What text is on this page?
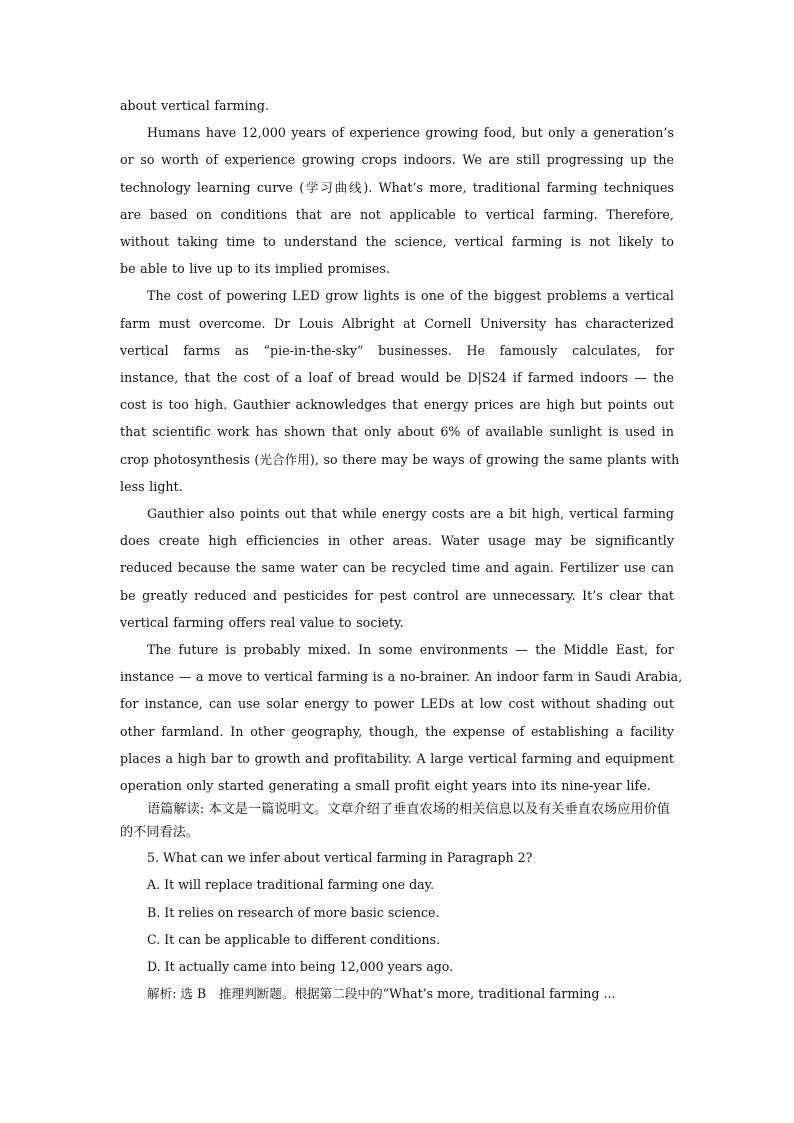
about vertical farming.

Humans have 12,000 years of experience growing food, but only a generation’s
or so worth of experience growing crops indoors. We are still progressing up the
technology learning curve (学习曲线). What’s more, traditional farming techniques
are based on conditions that are not applicable to vertical farming. Therefore,
without taking time to understand the science, vertical farming is not likely to
be able to live up to its implied promises.

The cost of powering LED grow lights is one of the biggest problems a vertical
farm must overcome. Dr Louis Albright at Cornell University has characterized
vertical farms as “pie-in-the-sky” businesses. He famously calculates, for
instance, that the cost of a loaf of bread would be D|S24 if farmed indoors — the
cost is too high. Gauthier acknowledges that energy prices are high but points out
that scientific work has shown that only about 6% of available sunlight is used in
crop photosynthesis (光合作用), so there may be ways of growing the same plants with
less light.

Gauthier also points out that while energy costs are a bit high, vertical farming
does create high efficiencies in other areas. Water usage may be significantly
reduced because the same water can be recycled time and again. Fertilizer use can
be greatly reduced and pesticides for pest control are unnecessary. It’s clear that
vertical farming offers real value to society.

The future is probably mixed. In some environments — the Middle East, for
instance — a move to vertical farming is a no-brainer. An indoor farm in Saudi Arabia,
for instance, can use solar energy to power LEDs at low cost without shading out
other farmland. In other geography, though, the expense of establishing a facility
places a high bar to growth and profitability. A large vertical farming and equipment
operation only started generating a small profit eight years into its nine-year life.

语篇解读: 本文是一篇说明文。文章介绍了垂直农场的相关信息以及有关垂直农场应用价值的不同看法。

5. What can we infer about vertical farming in Paragraph 2?

A. It will replace traditional farming one day.

B. It relies on research of more basic science.

C. It can be applicable to different conditions.

D. It actually came into being 12,000 years ago.

解析: 选 B　推理判断题。根据第二段中的“What’s more, traditional farming ...
